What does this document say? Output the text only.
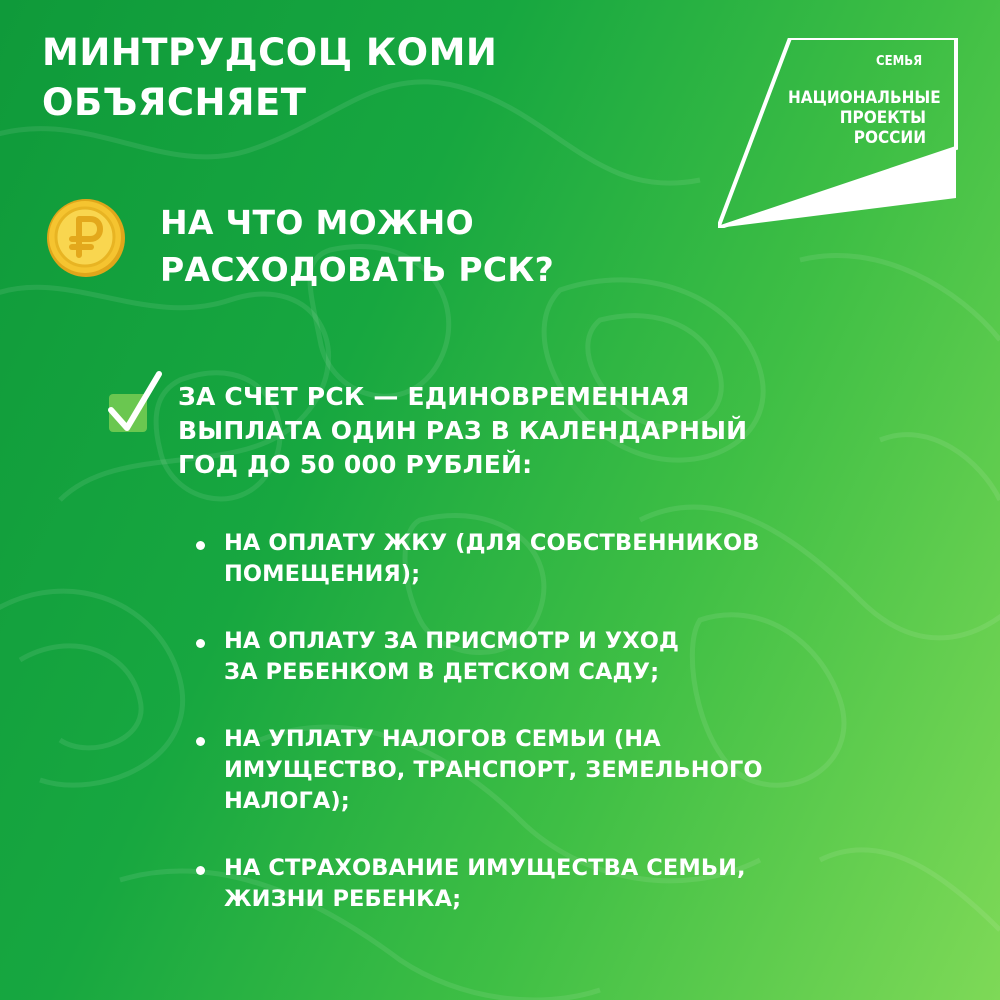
МИНТРУДСОЦ КОМИ
ОБЪЯСНЯЕТ
СЕМЬЯ
НАЦИОНАЛЬНЫЕ
ПРОЕКТЫ
РОССИИ
НА ЧТО МОЖНО
РАСХОДОВАТЬ РСК?
ЗА СЧЕТ РСК — ЕДИНОВРЕМЕННАЯ
ВЫПЛАТА ОДИН РАЗ В КАЛЕНДАРНЫЙ
ГОД ДО 50 000 РУБЛЕЙ:
НА ОПЛАТУ ЖКУ (ДЛЯ СОБСТВЕННИКОВ
ПОМЕЩЕНИЯ);
НА ОПЛАТУ ЗА ПРИСМОТР И УХОД
ЗА РЕБЕНКОМ В ДЕТСКОМ САДУ;
НА УПЛАТУ НАЛОГОВ СЕМЬИ (НА
ИМУЩЕСТВО, ТРАНСПОРТ, ЗЕМЕЛЬНОГО
НАЛОГА);
НА СТРАХОВАНИЕ ИМУЩЕСТВА СЕМЬИ,
ЖИЗНИ РЕБЕНКА;
